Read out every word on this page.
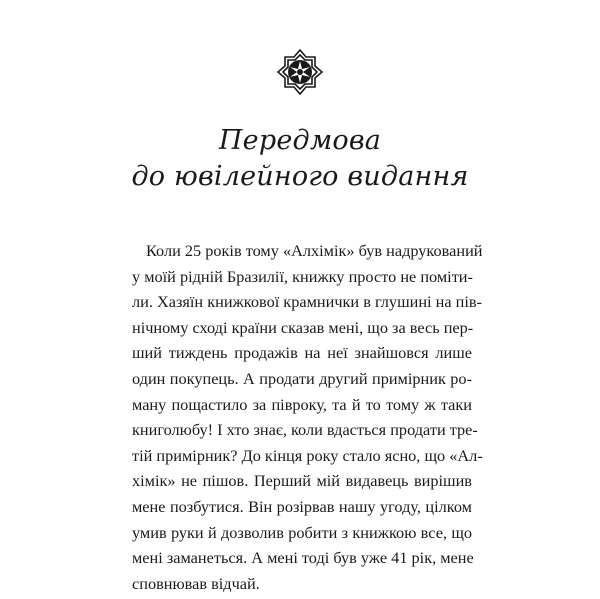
Передмова
до ювілейного видання
Коли 25 років тому «Алхімік» був надрукований
у моїй рідній Бразилії, книжку просто не поміти-
ли. Хазяїн книжкової крамнички в глушині на пів-
нічному сході країни сказав мені, що за весь пер-
ший тиждень продажів на неї знайшовся лише
один покупець. А продати другий примірник ро-
ману пощастило за півроку, та й то тому ж таки
книголюбу! І хто знає, коли вдасться продати тре-
тій примірник? До кінця року стало ясно, що «Ал-
хімік» не пішов. Перший мій видавець вирішив
мене позбутися. Він розірвав нашу угоду, цілком
умив руки й дозволив робити з книжкою все, що
мені заманеться. А мені тоді був уже 41 рік, мене
сповнював відчай.
